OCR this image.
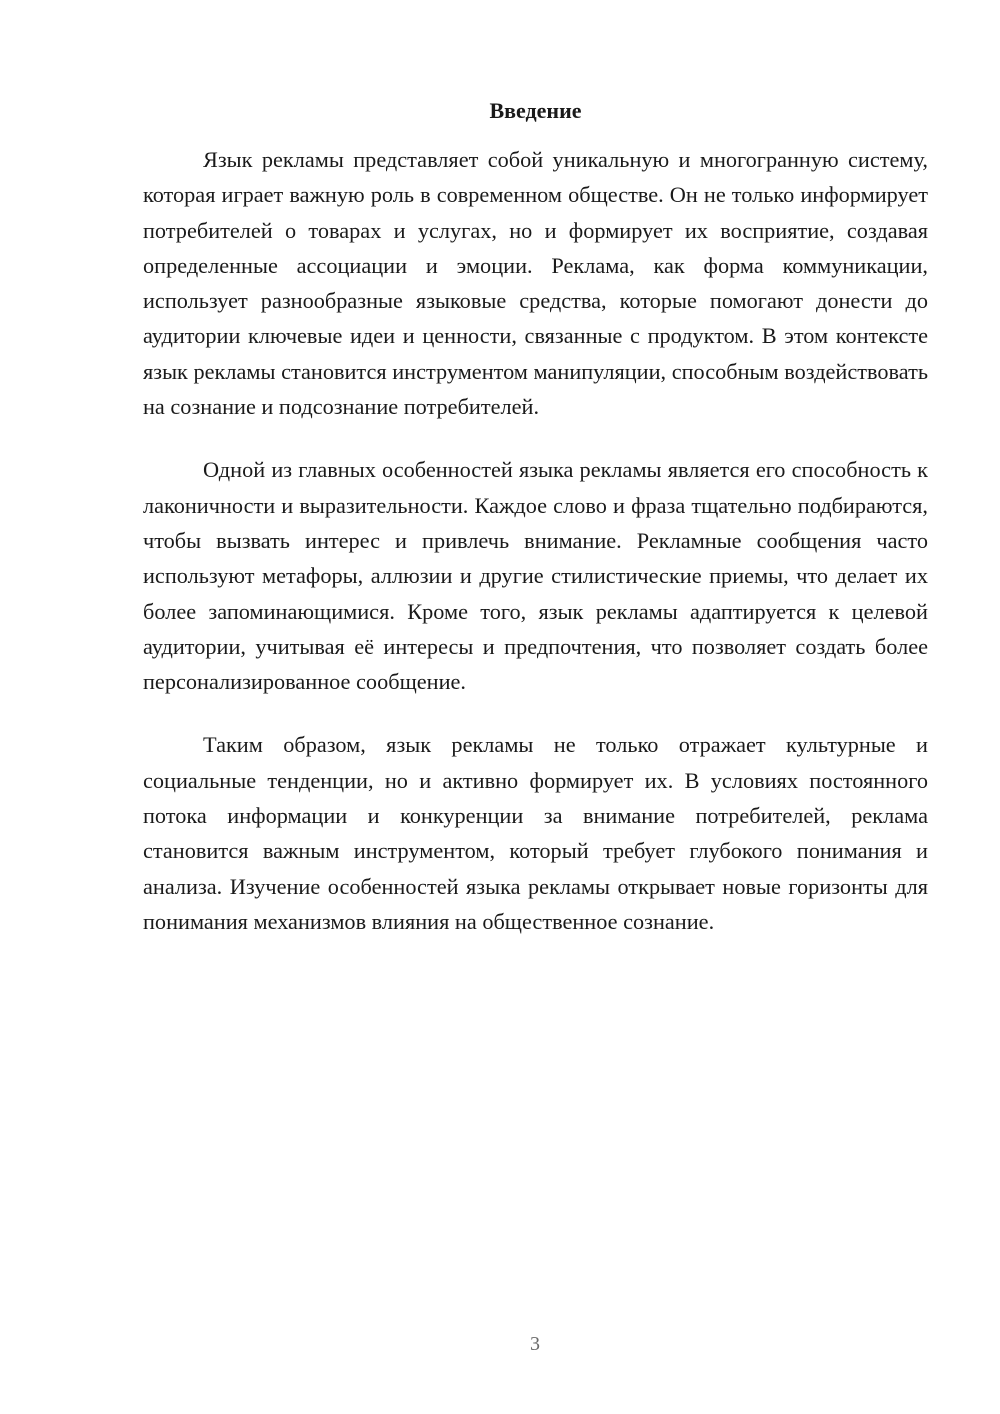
Введение

Язык рекламы представляет собой уникальную и многогранную систему, которая играет важную роль в современном обществе. Он не только информирует потребителей о товарах и услугах, но и формирует их восприятие, создавая определенные ассоциации и эмоции. Реклама, как форма коммуникации, использует разнообразные языковые средства, которые помогают донести до аудитории ключевые идеи и ценности, связанные с продуктом. В этом контексте язык рекламы становится инструментом манипуляции, способным воздействовать на сознание и подсознание потребителей.

Одной из главных особенностей языка рекламы является его способность к лаконичности и выразительности. Каждое слово и фраза тщательно подбираются, чтобы вызвать интерес и привлечь внимание. Рекламные сообщения часто используют метафоры, аллюзии и другие стилистические приемы, что делает их более запоминающимися. Кроме того, язык рекламы адаптируется к целевой аудитории, учитывая её интересы и предпочтения, что позволяет создать более персонализированное сообщение.

Таким образом, язык рекламы не только отражает культурные и социальные тенденции, но и активно формирует их. В условиях постоянного потока информации и конкуренции за внимание потребителей, реклама становится важным инструментом, который требует глубокого понимания и анализа. Изучение особенностей языка рекламы открывает новые горизонты для понимания механизмов влияния на общественное сознание.

3
